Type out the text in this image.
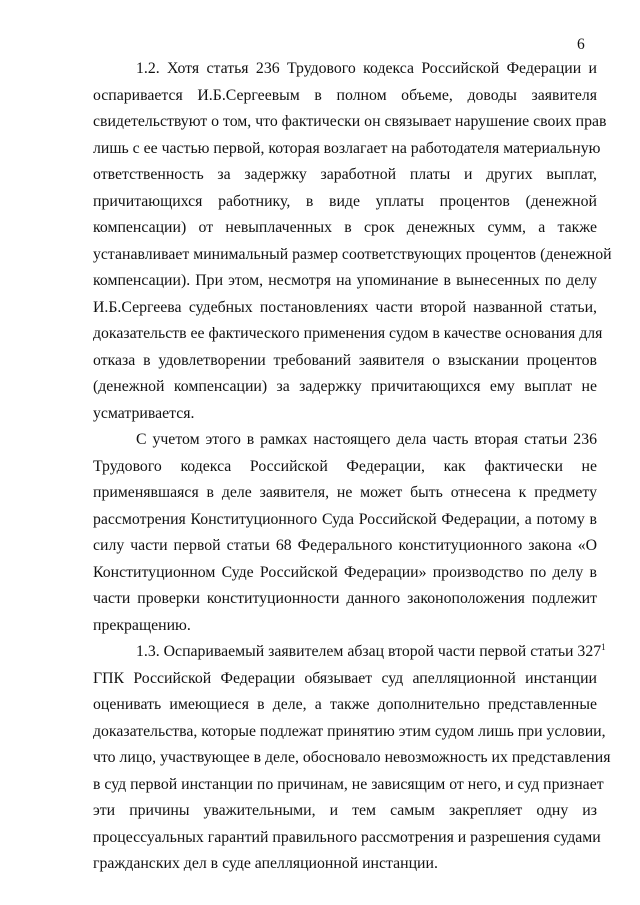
6
1.2. Хотя статья 236 Трудового кодекса Российской Федерации и
оспаривается И.Б.Сергеевым в полном объеме, доводы заявителя
свидетельствуют о том, что фактически он связывает нарушение своих прав
лишь с ее частью первой, которая возлагает на работодателя материальную
ответственность за задержку заработной платы и других выплат,
причитающихся работнику, в виде уплаты процентов (денежной
компенсации) от невыплаченных в срок денежных сумм, а также
устанавливает минимальный размер соответствующих процентов (денежной
компенсации). При этом, несмотря на упоминание в вынесенных по делу
И.Б.Сергеева судебных постановлениях части второй названной статьи,
доказательств ее фактического применения судом в качестве основания для
отказа в удовлетворении требований заявителя о взыскании процентов
(денежной компенсации) за задержку причитающихся ему выплат не
усматривается.
С учетом этого в рамках настоящего дела часть вторая статьи 236
Трудового кодекса Российской Федерации, как фактически не
применявшаяся в деле заявителя, не может быть отнесена к предмету
рассмотрения Конституционного Суда Российской Федерации, а потому в
силу части первой статьи 68 Федерального конституционного закона «О
Конституционном Суде Российской Федерации» производство по делу в
части проверки конституционности данного законоположения подлежит
прекращению.
1.3. Оспариваемый заявителем абзац второй части первой статьи 327$^1$
ГПК Российской Федерации обязывает суд апелляционной инстанции
оценивать имеющиеся в деле, а также дополнительно представленные
доказательства, которые подлежат принятию этим судом лишь при условии,
что лицо, участвующее в деле, обосновало невозможность их представления
в суд первой инстанции по причинам, не зависящим от него, и суд признает
эти причины уважительными, и тем самым закрепляет одну из
процессуальных гарантий правильного рассмотрения и разрешения судами
гражданских дел в суде апелляционной инстанции.
